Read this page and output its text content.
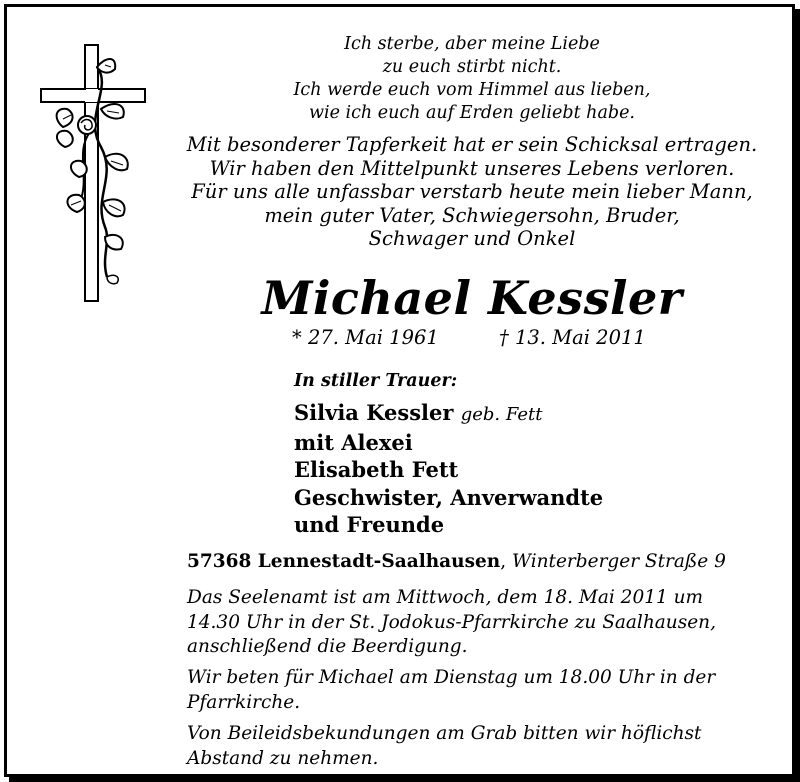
Ich sterbe, aber meine Liebe
zu euch stirbt nicht.
Ich werde euch vom Himmel aus lieben,
wie ich euch auf Erden geliebt habe.
Mit besonderer Tapferkeit hat er sein Schicksal ertragen.
Wir haben den Mittelpunkt unseres Lebens verloren.
Für uns alle unfassbar verstarb heute mein lieber Mann,
mein guter Vater, Schwiegersohn, Bruder,
Schwager und Onkel
Michael Kessler
* 27. Mai 1961	† 13. Mai 2011
In stiller Trauer:
Silvia Kessler geb. Fett
mit Alexei
Elisabeth Fett
Geschwister, Anverwandte
und Freunde
57368 Lennestadt-Saalhausen, Winterberger Straße 9
Das Seelenamt ist am Mittwoch, dem 18. Mai 2011 um
14.30 Uhr in der St. Jodokus-Pfarrkirche zu Saalhausen,
anschließend die Beerdigung.
Wir beten für Michael am Dienstag um 18.00 Uhr in der
Pfarrkirche.
Von Beileidsbekundungen am Grab bitten wir höflichst
Abstand zu nehmen.
